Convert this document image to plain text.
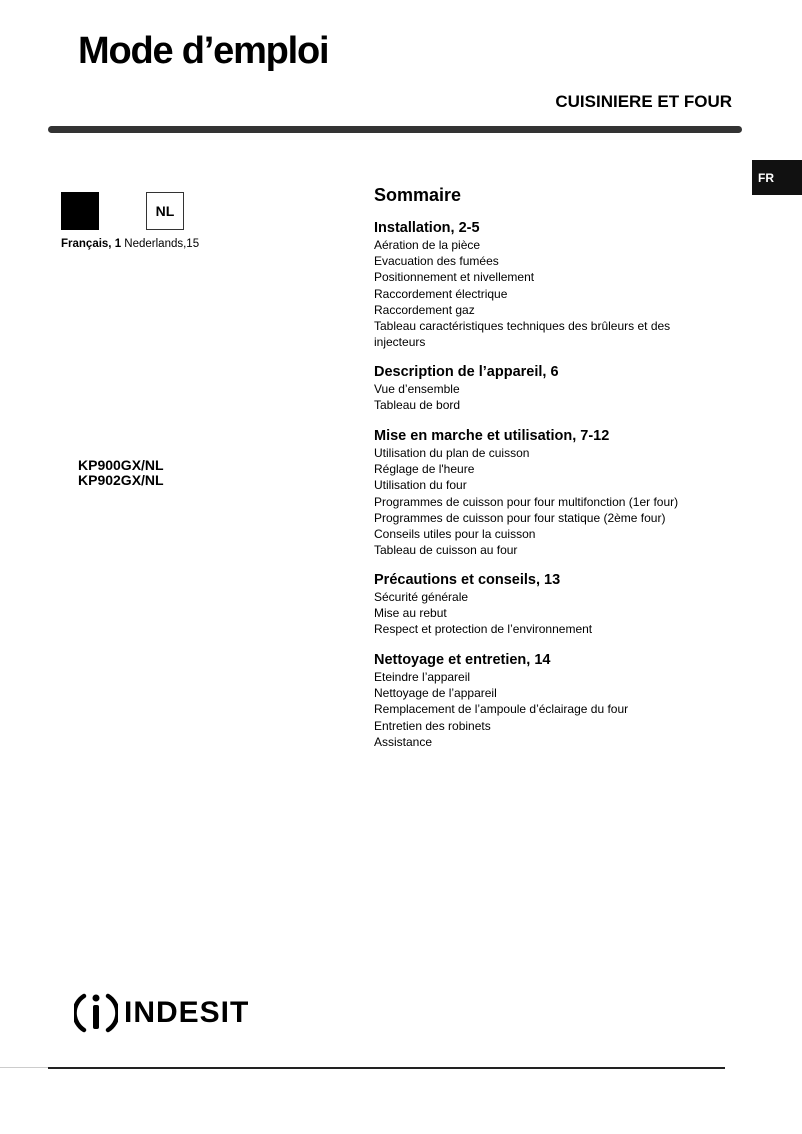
Mode d’emploi
CUISINIERE ET FOUR
FR
NL
Français, 1 Nederlands,15
KP900GX/NL
KP902GX/NL
Sommaire
Installation, 2-5
Aération de la pièce
Evacuation des fumées
Positionnement et nivellement
Raccordement électrique
Raccordement gaz
Tableau caractéristiques techniques des brûleurs et des
injecteurs
Description de l’appareil, 6
Vue d’ensemble
Tableau de bord
Mise en marche et utilisation, 7-12
Utilisation du plan de cuisson
Réglage de l'heure
Utilisation du four
Programmes de cuisson pour four multifonction (1er four)
Programmes de cuisson pour four statique (2ème four)
Conseils utiles pour la cuisson
Tableau de cuisson au four
Précautions et conseils, 13
Sécurité générale
Mise au rebut
Respect et protection de l’environnement
Nettoyage et entretien, 14
Eteindre l’appareil
Nettoyage de l’appareil
Remplacement de l’ampoule d’éclairage du four
Entretien des robinets
Assistance
INDESIT
